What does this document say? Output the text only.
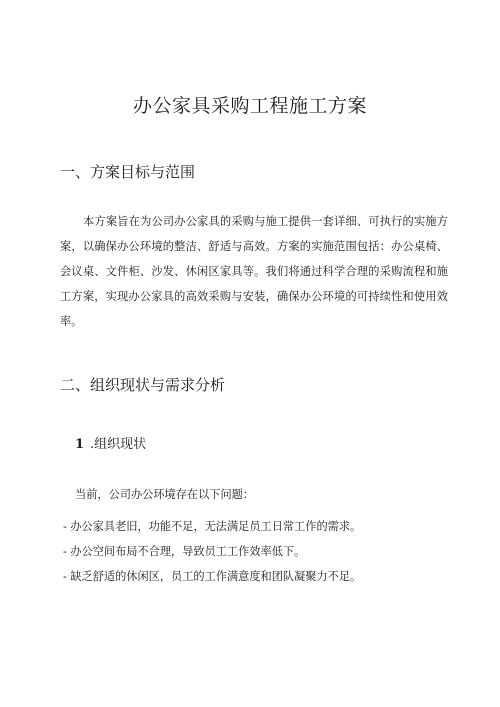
办公家具采购工程施工方案
一、方案目标与范围
本方案旨在为公司办公家具的采购与施工提供一套详细、可执行的实施方案，以确保办公环境的整洁、舒适与高效。方案的实施范围包括：办公桌椅、会议桌、文件柜、沙发、休闲区家具等。我们将通过科学合理的采购流程和施工方案，实现办公家具的高效采购与安装，确保办公环境的可持续性和使用效率。
二、组织现状与需求分析
1 .组织现状
当前，公司办公环境存在以下问题：
- 办公家具老旧，功能不足，无法满足员工日常工作的需求。
- 办公空间布局不合理，导致员工工作效率低下。
- 缺乏舒适的休闲区，员工的工作满意度和团队凝聚力不足。
